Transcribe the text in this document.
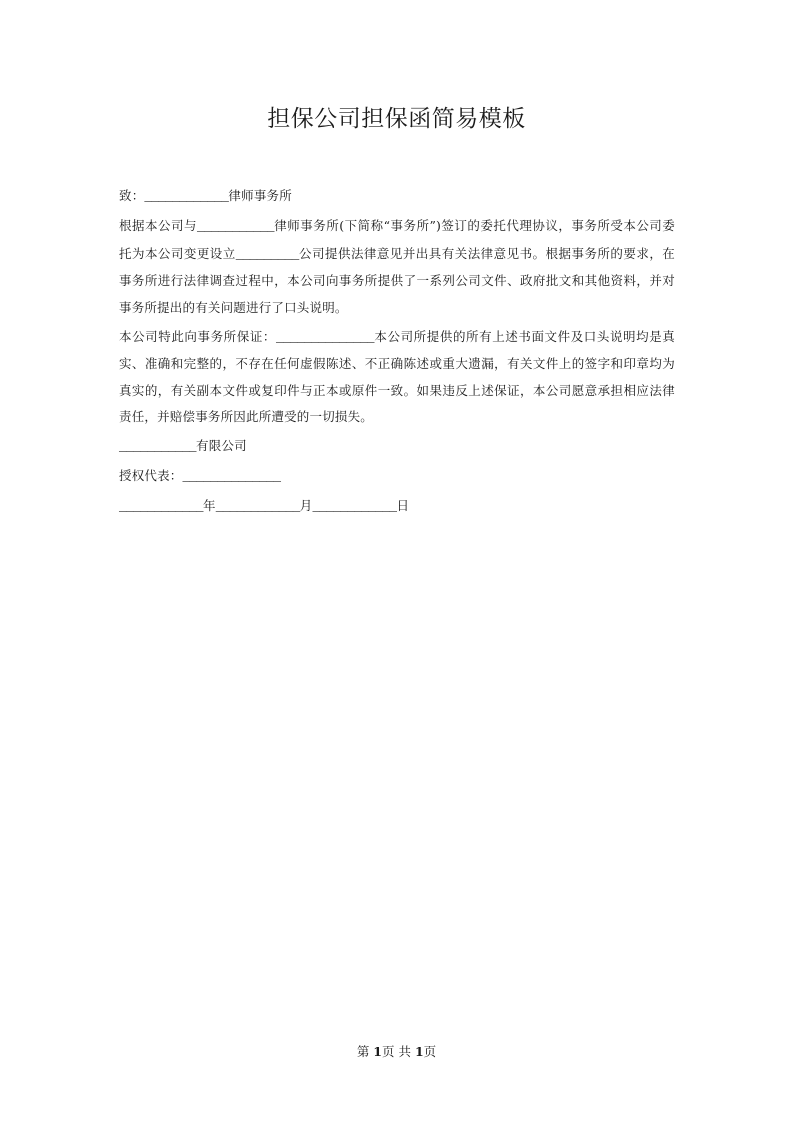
担保公司担保函简易模板

致：____________律师事务所

根据本公司与___________律师事务所(下简称“事务所”)签订的委托代理协议，事务所受本公司委托为本公司变更设立_________公司提供法律意见并出具有关法律意见书。根据事务所的要求，在事务所进行法律调查过程中，本公司向事务所提供了一系列公司文件、政府批文和其他资料，并对事务所提出的有关问题进行了口头说明。

本公司特此向事务所保证：______________本公司所提供的所有上述书面文件及口头说明均是真实、准确和完整的，不存在任何虚假陈述、不正确陈述或重大遗漏，有关文件上的签字和印章均为真实的，有关副本文件或复印件与正本或原件一致。如果违反上述保证，本公司愿意承担相应法律责任，并赔偿事务所因此所遭受的一切损失。

___________有限公司

授权代表：______________

____________年____________月____________日

第 1页 共 1页
